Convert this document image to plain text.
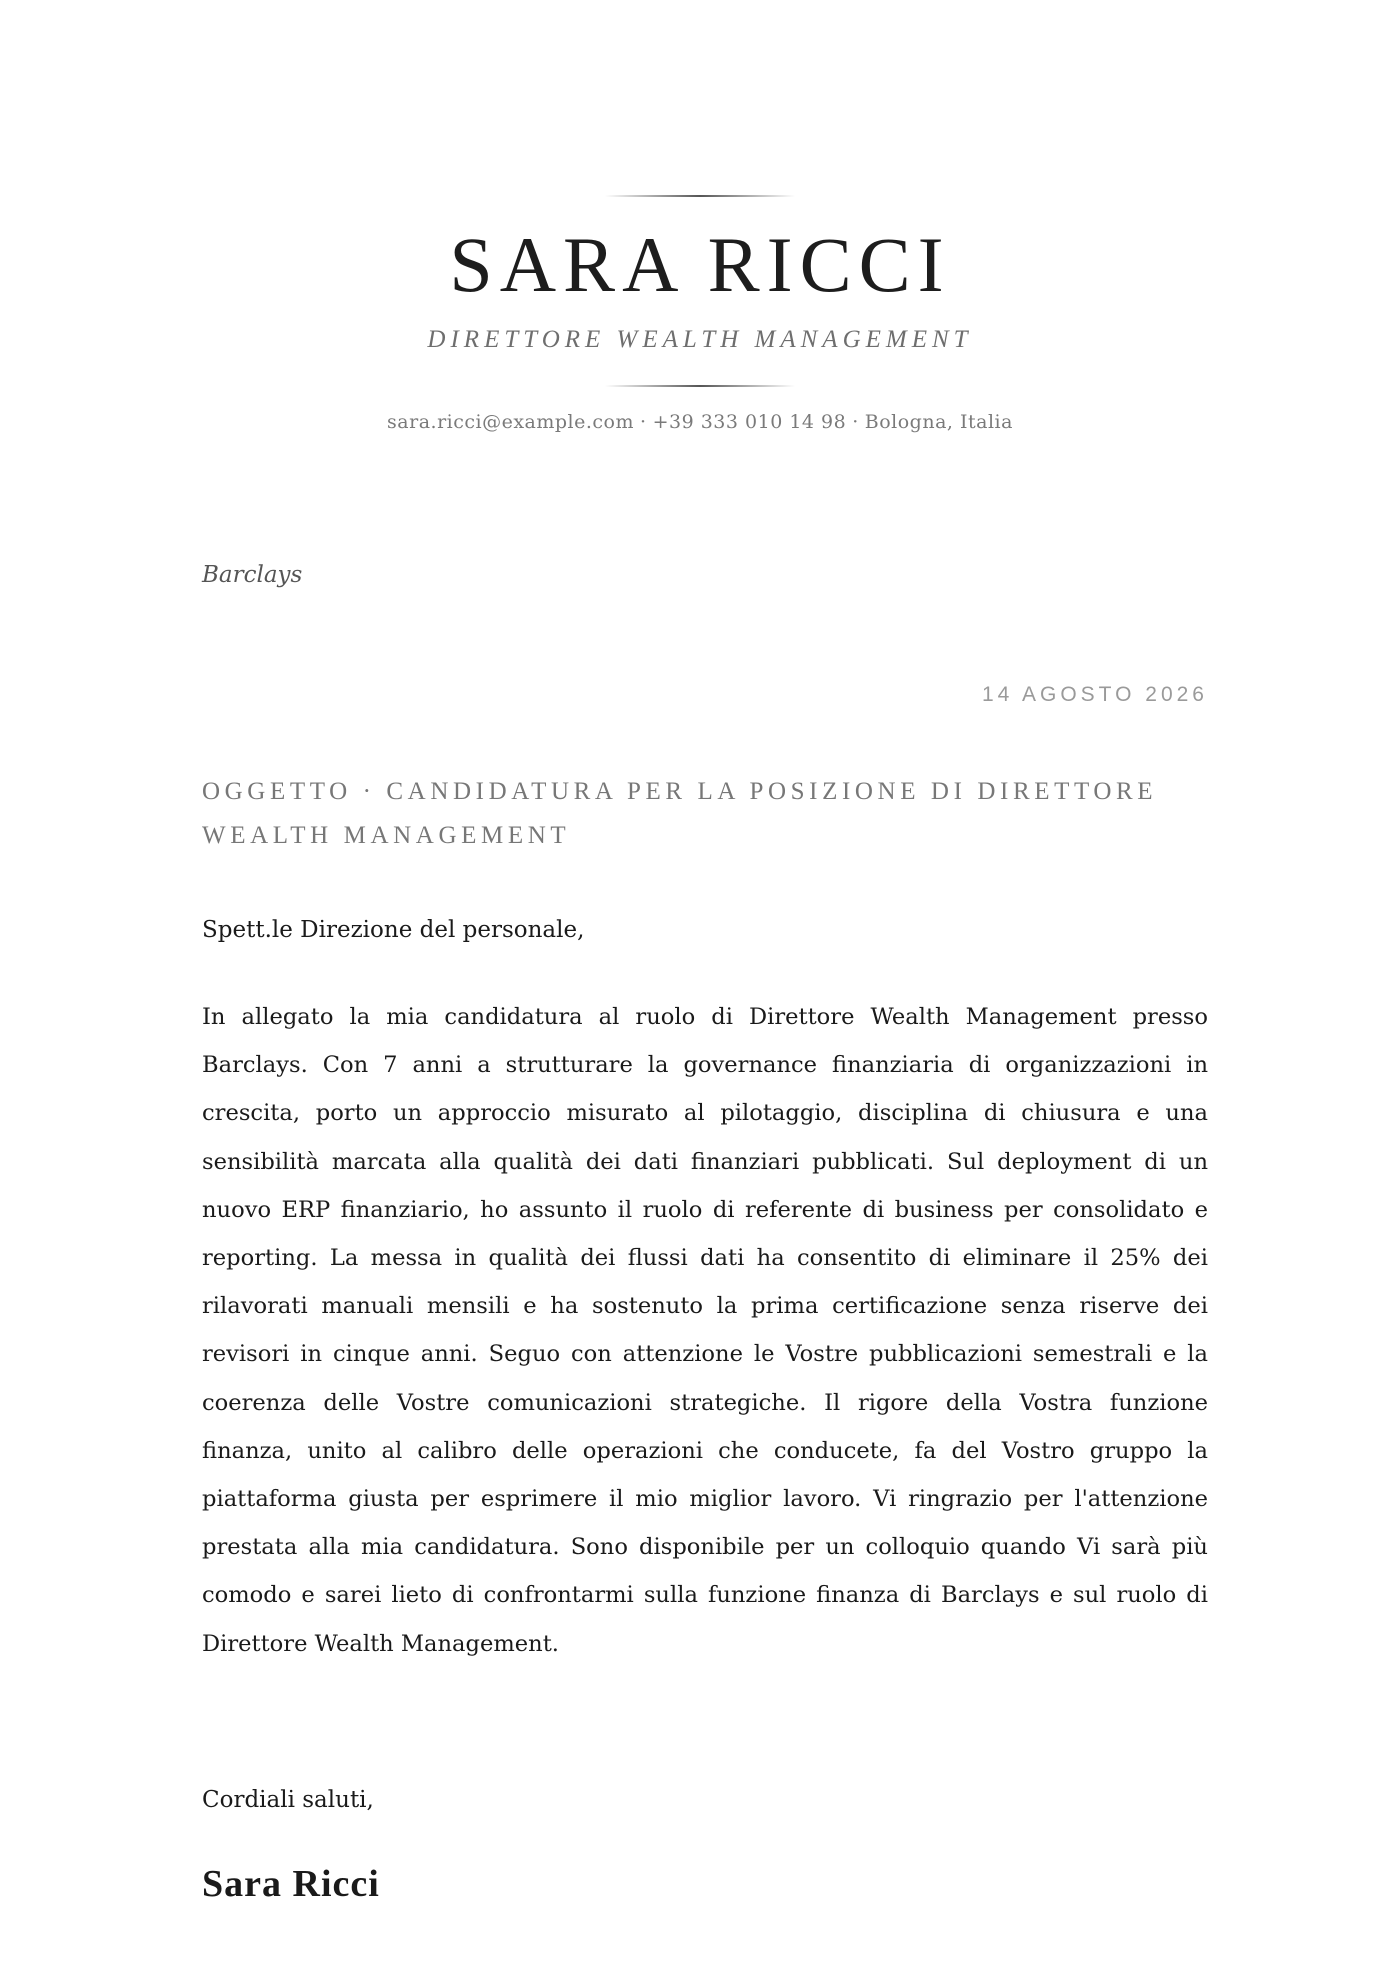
SARA RICCI
DIRETTORE WEALTH MANAGEMENT
sara.ricci@example.com · +39 333 010 14 98 · Bologna, Italia
Barclays
14 AGOSTO 2026
OGGETTO · CANDIDATURA PER LA POSIZIONE DI DIRETTORE WEALTH MANAGEMENT
Spett.le Direzione del personale,

In allegato la mia candidatura al ruolo di Direttore Wealth Management presso Barclays. Con 7 anni a strutturare la governance finanziaria di organizzazioni in crescita, porto un approccio misurato al pilotaggio, disciplina di chiusura e una sensibilità marcata alla qualità dei dati finanziari pubblicati. Sul deployment di un nuovo ERP finanziario, ho assunto il ruolo di referente di business per consolidato e reporting. La messa in qualità dei flussi dati ha consentito di eliminare il 25% dei rilavorati manuali mensili e ha sostenuto la prima certificazione senza riserve dei revisori in cinque anni. Seguo con attenzione le Vostre pubblicazioni semestrali e la coerenza delle Vostre comunicazioni strategiche. Il rigore della Vostra funzione finanza, unito al calibro delle operazioni che conducete, fa del Vostro gruppo la piattaforma giusta per esprimere il mio miglior lavoro. Vi ringrazio per l'attenzione prestata alla mia candidatura. Sono disponibile per un colloquio quando Vi sarà più comodo e sarei lieto di confrontarmi sulla funzione finanza di Barclays e sul ruolo di Direttore Wealth Management.

Cordiali saluti,
Sara Ricci
